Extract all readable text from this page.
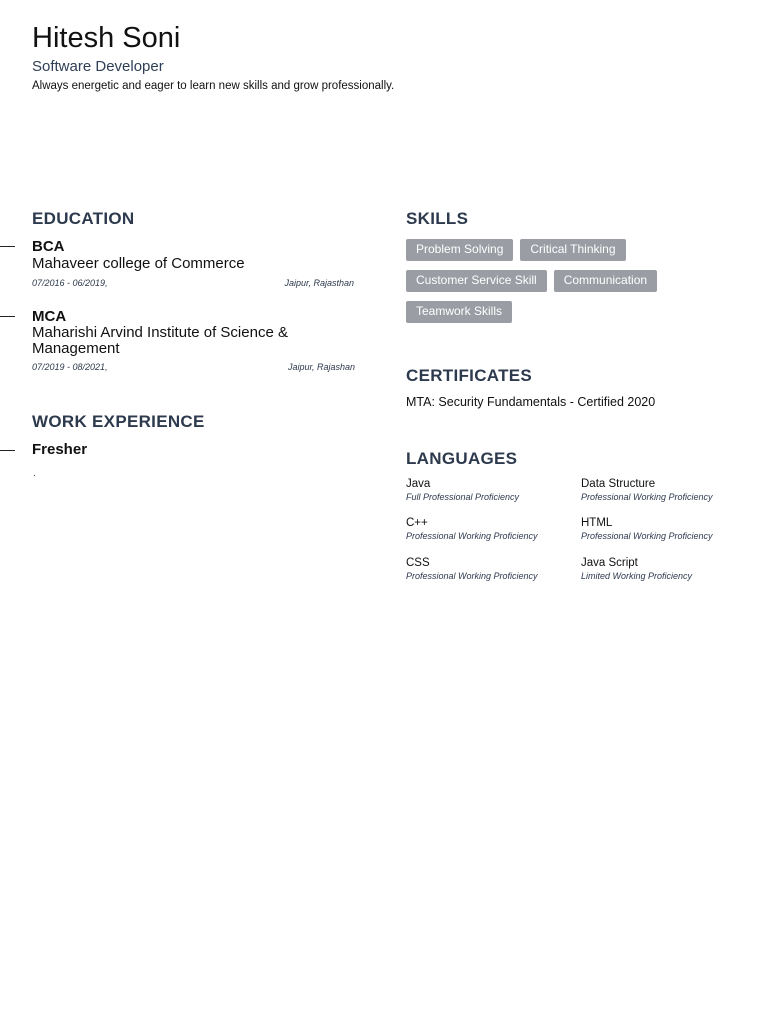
Hitesh Soni
Software Developer
Always energetic and eager to learn new skills and grow professionally.
EDUCATION
BCA
Mahaveer college of Commerce
07/2016 - 06/2019,	Jaipur, Rajasthan
MCA
Maharishi Arvind Institute of Science & Management
07/2019 - 08/2021,	Jaipur, Rajashan
WORK EXPERIENCE
Fresher
.
SKILLS
Problem Solving	Critical Thinking
Customer Service Skill	Communication
Teamwork Skills
CERTIFICATES
MTA: Security Fundamentals - Certified 2020
LANGUAGES
Java
Full Professional Proficiency
Data Structure
Professional Working Proficiency
C++
Professional Working Proficiency
HTML
Professional Working Proficiency
CSS
Professional Working Proficiency
Java Script
Limited Working Proficiency
